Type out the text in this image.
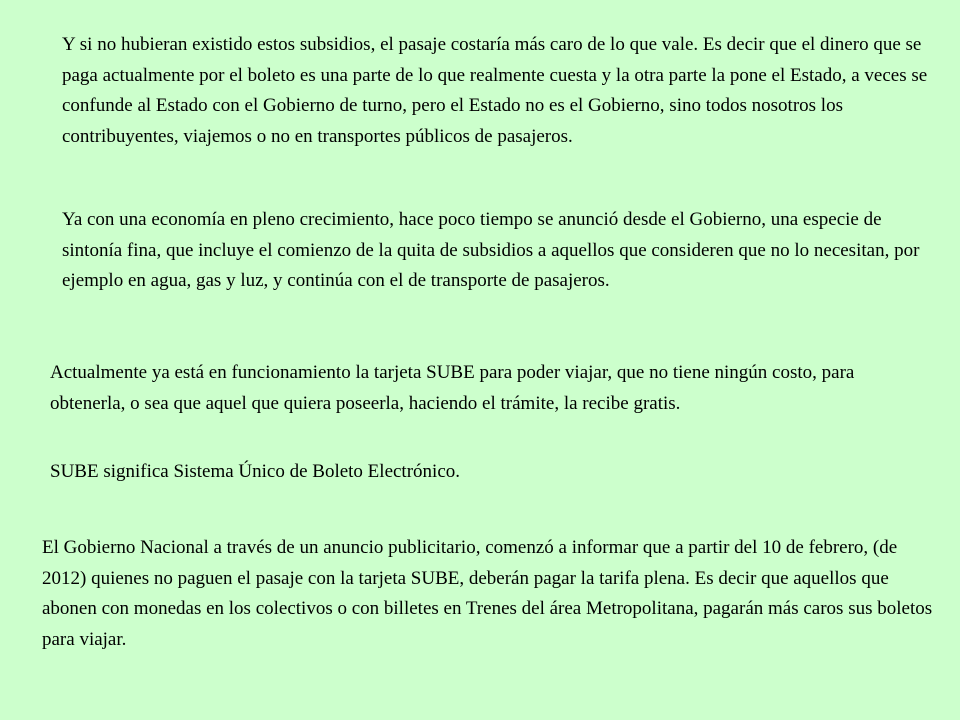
Y si no hubieran existido estos subsidios, el pasaje costaría más caro de lo que vale. Es decir que el dinero que se paga actualmente por el boleto es una parte de lo que realmente cuesta y la otra parte la pone el Estado, a veces se confunde al Estado con el Gobierno de turno, pero el Estado no es el Gobierno, sino todos nosotros los contribuyentes, viajemos o no en transportes públicos de pasajeros.

Ya con una economía en pleno crecimiento, hace poco tiempo se anunció desde el Gobierno, una especie de sintonía fina, que incluye el comienzo de la quita de subsidios a aquellos que consideren que no lo necesitan, por ejemplo en agua, gas y luz, y continúa con el de transporte de pasajeros.

Actualmente ya está en funcionamiento la tarjeta SUBE para poder viajar, que no tiene ningún costo, para obtenerla, o sea que aquel que quiera poseerla, haciendo el trámite, la recibe gratis.

SUBE significa Sistema Único de Boleto Electrónico.

El Gobierno Nacional a través de un anuncio publicitario, comenzó a informar que a partir del 10 de febrero, (de 2012) quienes no paguen el pasaje con la tarjeta SUBE, deberán pagar la tarifa plena. Es decir que aquellos que abonen con monedas en los colectivos o con billetes en Trenes del área Metropolitana, pagarán más caros sus boletos para viajar.
